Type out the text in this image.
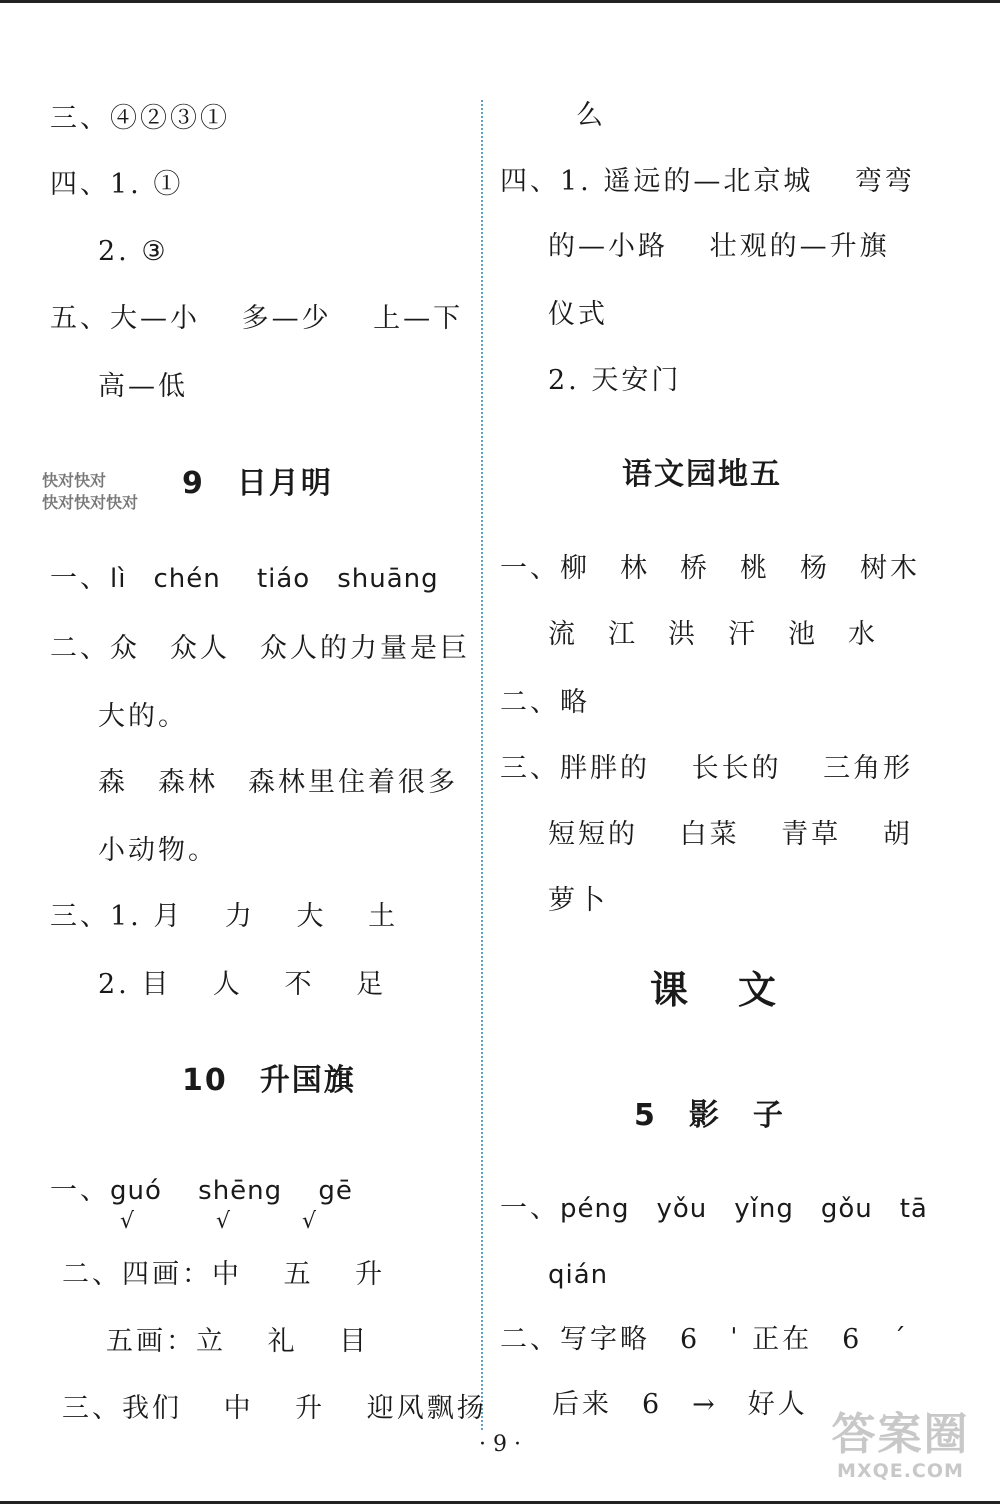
三、④②③①
四、1. ①
2. ③
五、大—小　 多—少　 上—下
高—低
快对快对
快对快对快对
9　日月明
一、lì　chén　 tiáo　shuāng
二、众　众人　众人的力量是巨
大的。
森　森林　森林里住着很多
小动物。
三、1. 月　 力　 大　 土
2. 目　 人　 不　 足
10　升国旗
一、guó　 shēng　 gē
√	√	√
二、四画：中　 五　 升
五画：立　 礼　 目
三、我们　 中　 升　 迎风飘扬
么
四、1. 遥远的—北京城　 弯弯
的—小路　 壮观的—升旗
仪式
2. 天安门
语文园地五
一、柳　林　桥　桃　杨　树木
流　江　洪　汗　池　水
二、略
三、胖胖的　 长长的　 三角形
短短的　 白菜　 青草　 胡
萝卜
课　文
5　影　子
一、péng　yǒu　yǐng　gǒu　tā
qián
二、写字略　6　ˈ 正在　6　ˊ
后来　6　→　好人
· 9 ·	答案圈
MXQE.COM
